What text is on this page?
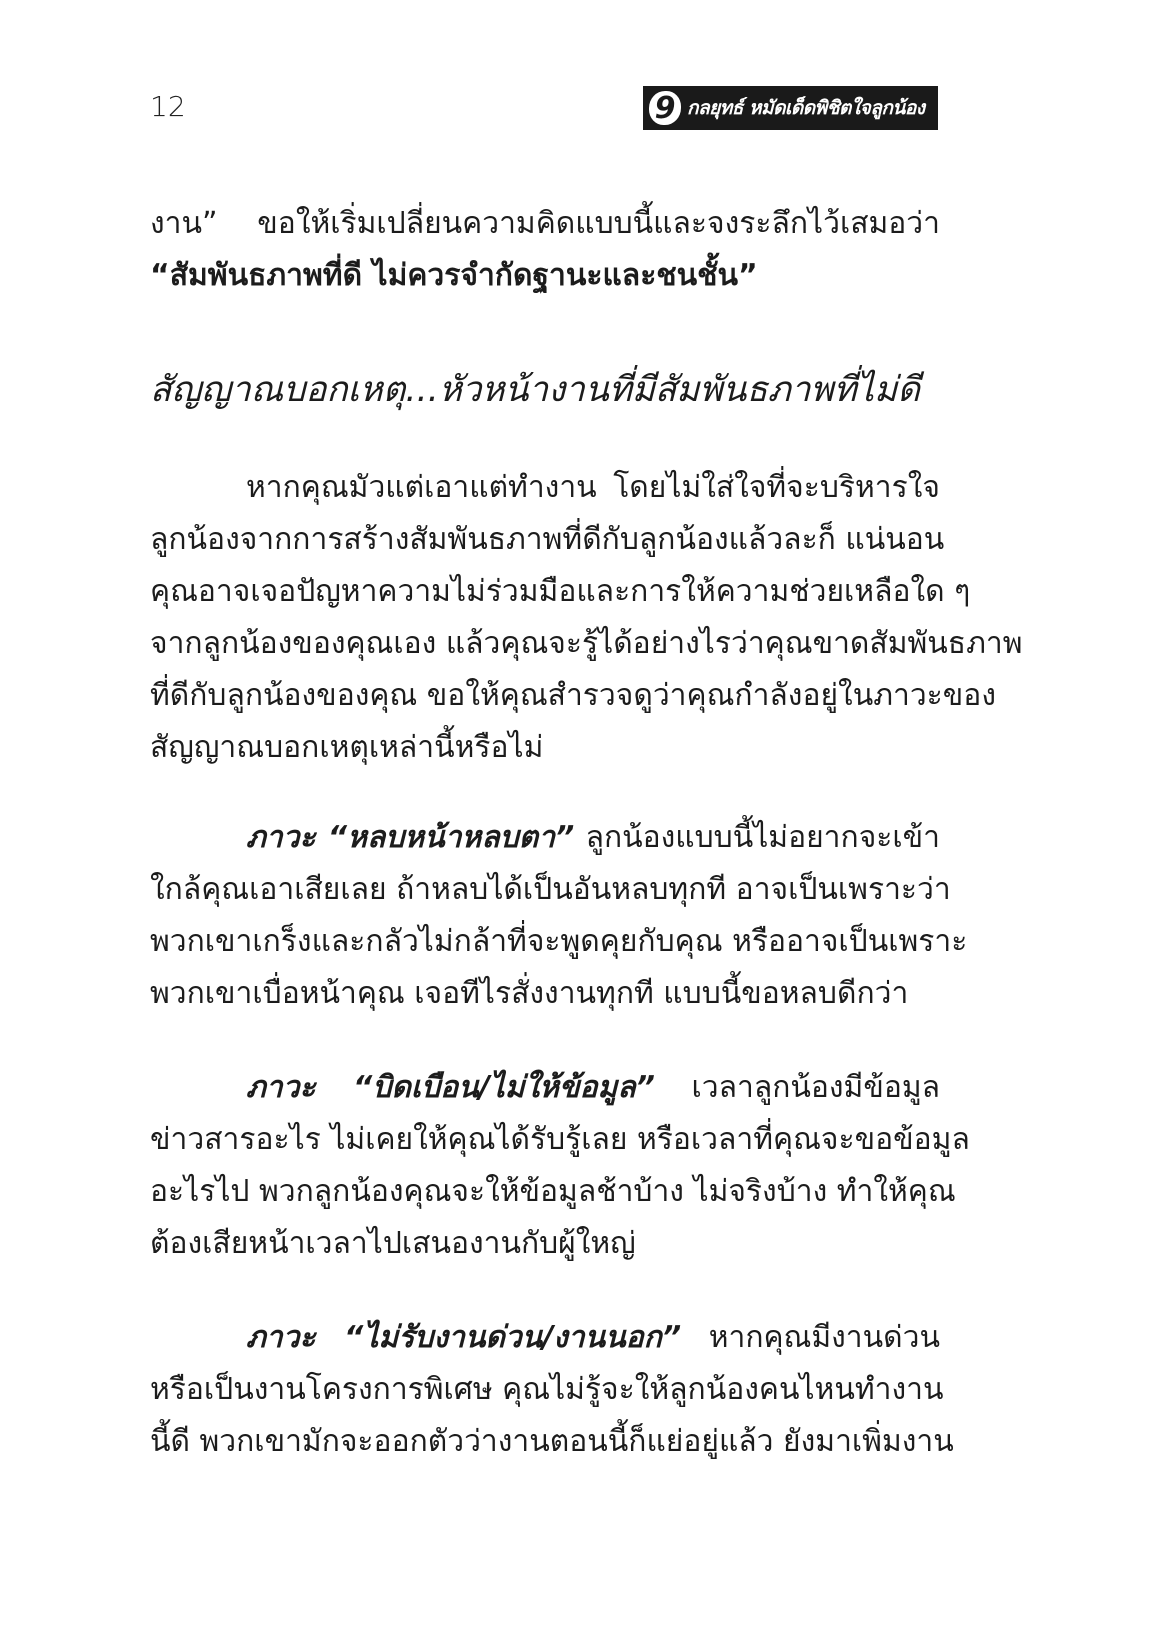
12	9 กลยุทธ์ หมัดเด็ดพิชิตใจลูกน้อง
งาน” ขอให้เริ่มเปลี่ยนความคิดแบบนี้และจงระลึกไว้เสมอว่า
“สัมพันธภาพที่ดี ไม่ควรจำกัดฐานะและชนชั้น”
สัญญาณบอกเหตุ...หัวหน้างานที่มีสัมพันธภาพที่ไม่ดี
หากคุณมัวแต่เอาแต่ทำงาน โดยไม่ใส่ใจที่จะบริหารใจ
ลูกน้องจากการสร้างสัมพันธภาพที่ดีกับลูกน้องแล้วละก็ แน่นอน
คุณอาจเจอปัญหาความไม่ร่วมมือและการให้ความช่วยเหลือใด ๆ
จากลูกน้องของคุณเอง แล้วคุณจะรู้ได้อย่างไรว่าคุณขาดสัมพันธภาพ
ที่ดีกับลูกน้องของคุณ ขอให้คุณสำรวจดูว่าคุณกำลังอยู่ในภาวะของ
สัญญาณบอกเหตุเหล่านี้หรือไม่
ภาวะ “หลบหน้าหลบตา” ลูกน้องแบบนี้ไม่อยากจะเข้า
ใกล้คุณเอาเสียเลย ถ้าหลบได้เป็นอันหลบทุกที อาจเป็นเพราะว่า
พวกเขาเกร็งและกลัวไม่กล้าที่จะพูดคุยกับคุณ หรืออาจเป็นเพราะ
พวกเขาเบื่อหน้าคุณ เจอทีไรสั่งงานทุกที แบบนี้ขอหลบดีกว่า
ภาวะ “บิดเบือน/ไม่ให้ข้อมูล” เวลาลูกน้องมีข้อมูล
ข่าวสารอะไร ไม่เคยให้คุณได้รับรู้เลย หรือเวลาที่คุณจะขอข้อมูล
อะไรไป พวกลูกน้องคุณจะให้ข้อมูลช้าบ้าง ไม่จริงบ้าง ทำให้คุณ
ต้องเสียหน้าเวลาไปเสนองานกับผู้ใหญ่
ภาวะ “ไม่รับงานด่วน/งานนอก” หากคุณมีงานด่วน
หรือเป็นงานโครงการพิเศษ คุณไม่รู้จะให้ลูกน้องคนไหนทำงาน
นี้ดี พวกเขามักจะออกตัวว่างานตอนนี้ก็แย่อยู่แล้ว ยังมาเพิ่มงาน
